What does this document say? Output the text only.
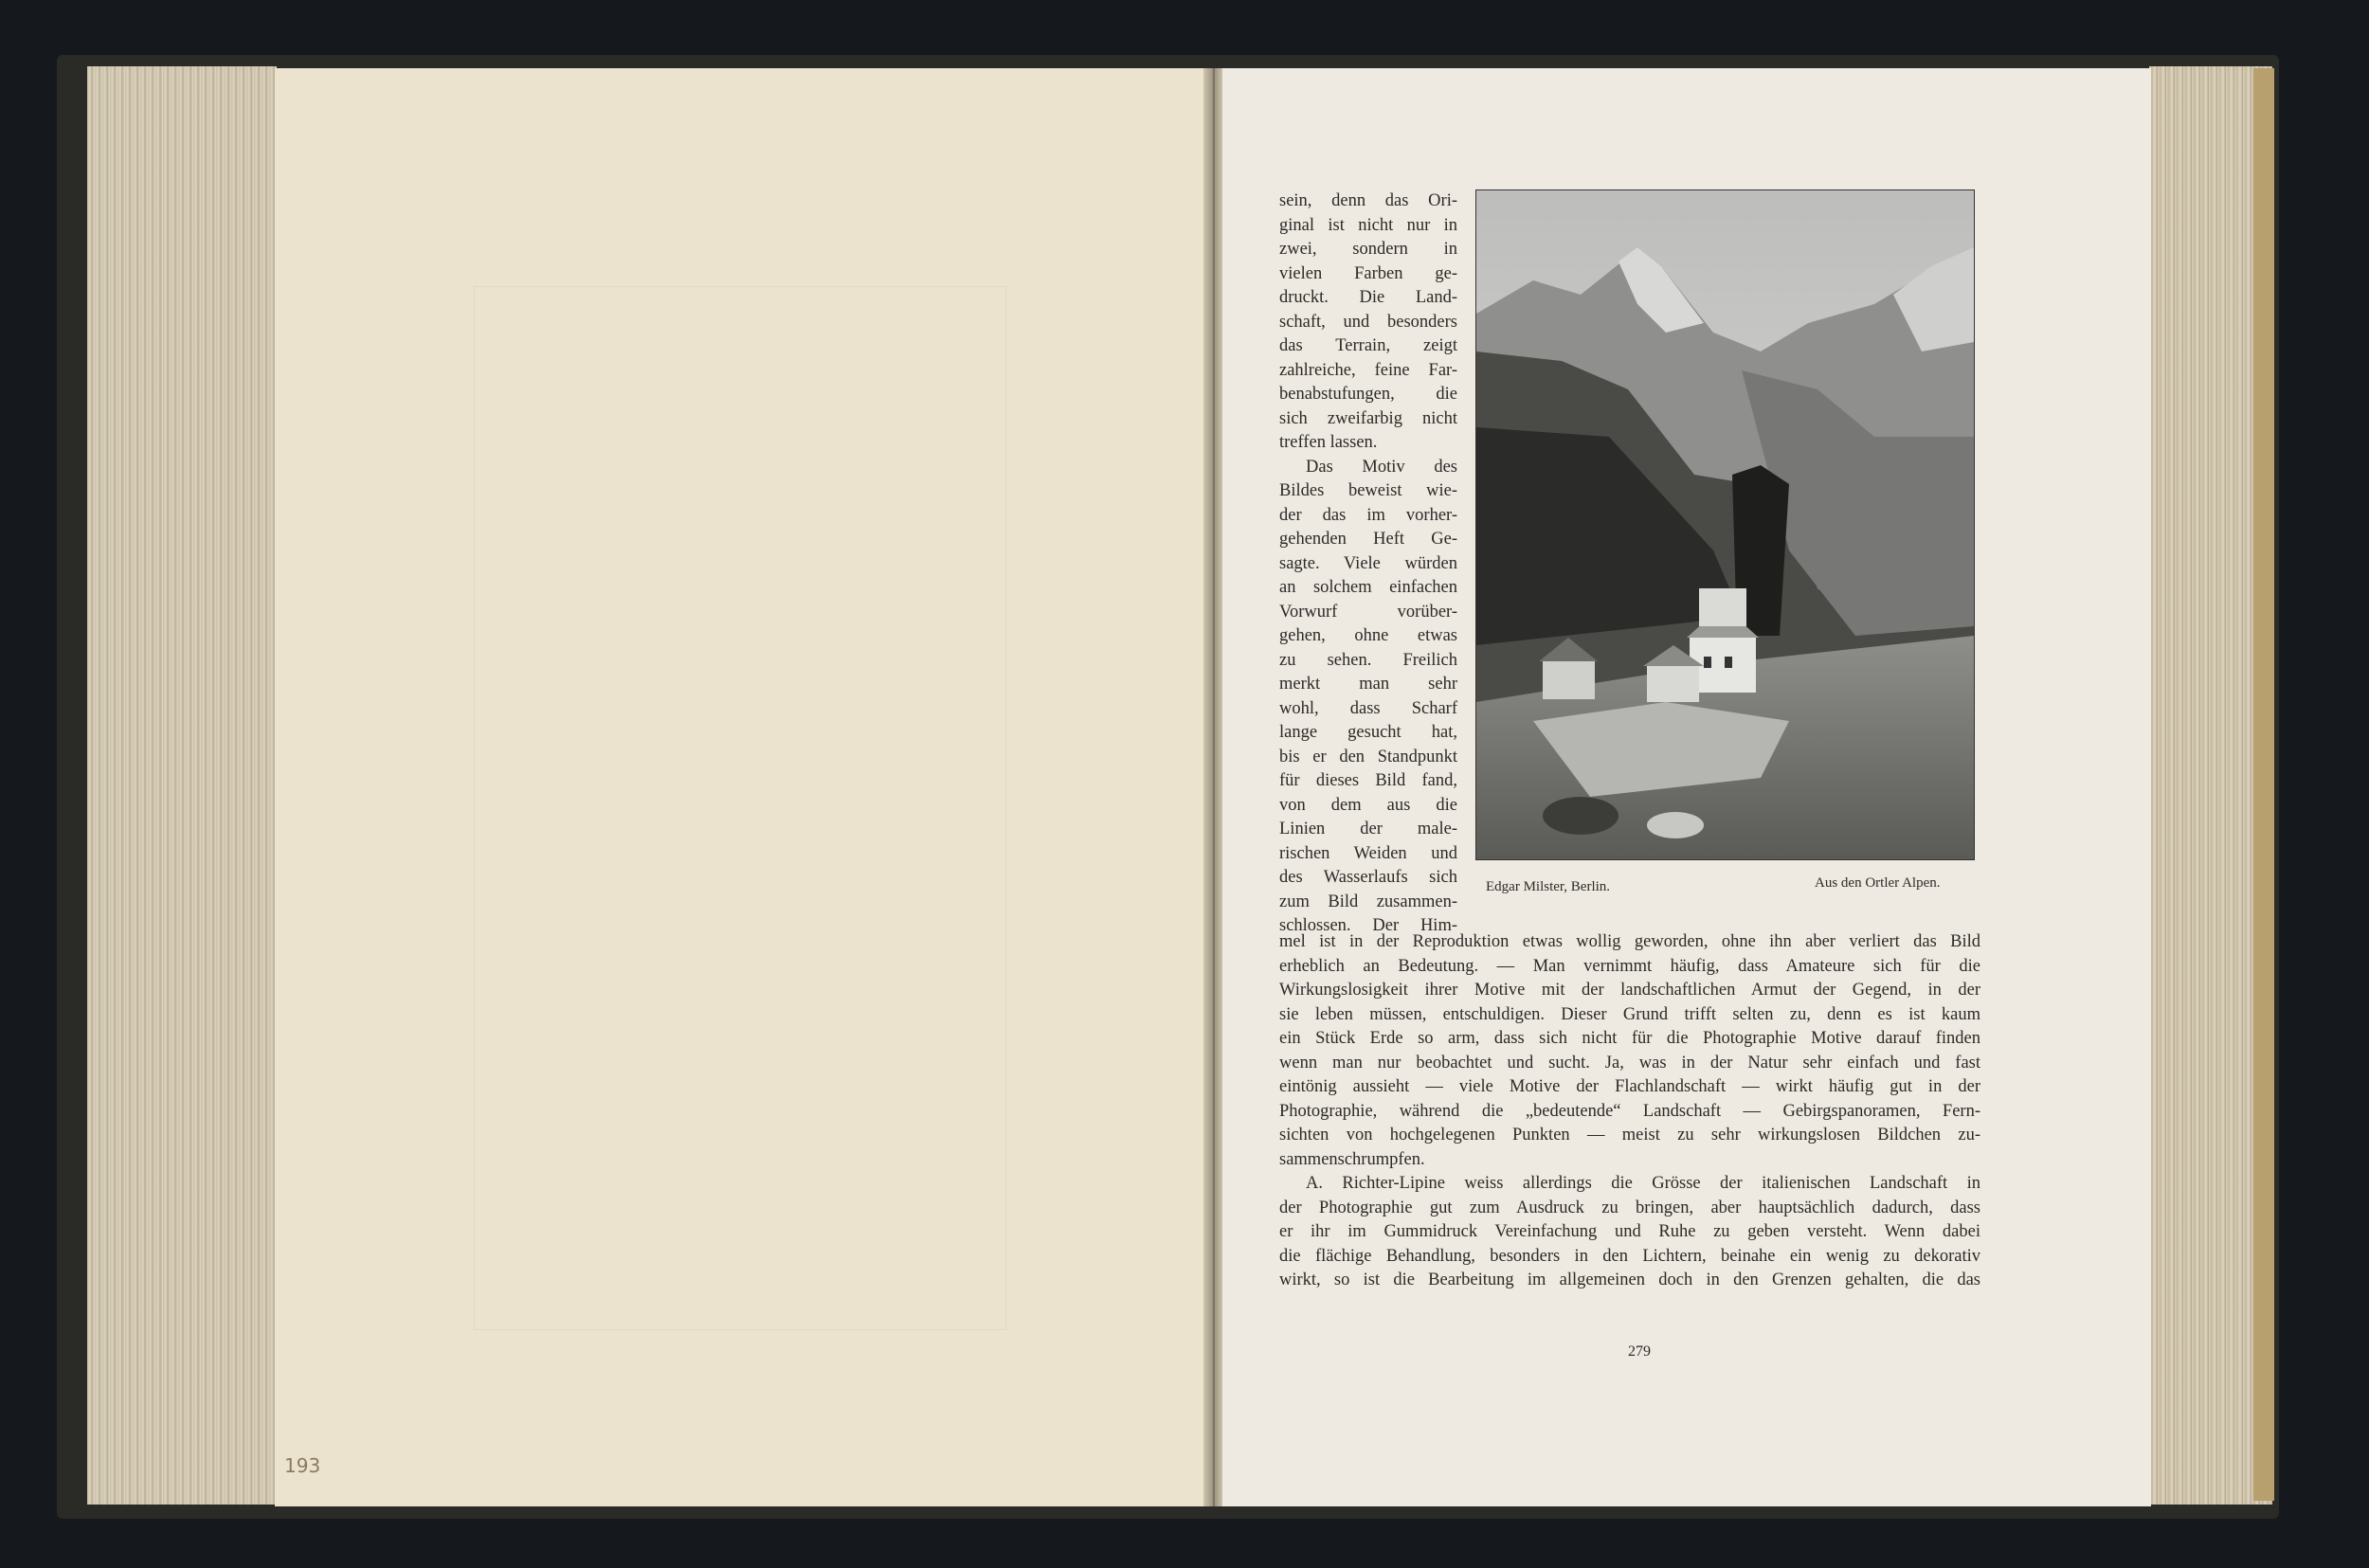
193
sein, denn das Ori-
ginal ist nicht nur in
zwei, sondern in
vielen Farben ge-
druckt. Die Land-
schaft, und besonders
das Terrain, zeigt
zahlreiche, feine Far-
benabstufungen, die
sich zweifarbig nicht
treffen lassen.
Das Motiv des
Bildes beweist wie-
der das im vorher-
gehenden Heft Ge-
sagte. Viele würden
an solchem einfachen
Vorwurf vorüber-
gehen, ohne etwas
zu sehen. Freilich
merkt man sehr
wohl, dass Scharf
lange gesucht hat,
bis er den Standpunkt
für dieses Bild fand,
von dem aus die
Linien der male-
rischen Weiden und
des Wasserlaufs sich
zum Bild zusammen-
schlossen. Der Him-
Edgar Milster, Berlin.	Aus den Ortler Alpen.
mel ist in der Reproduktion etwas wollig geworden, ohne ihn aber verliert das Bild
erheblich an Bedeutung. — Man vernimmt häufig, dass Amateure sich für die
Wirkungslosigkeit ihrer Motive mit der landschaftlichen Armut der Gegend, in der
sie leben müssen, entschuldigen. Dieser Grund trifft selten zu, denn es ist kaum
ein Stück Erde so arm, dass sich nicht für die Photographie Motive darauf finden
wenn man nur beobachtet und sucht. Ja, was in der Natur sehr einfach und fast
eintönig aussieht — viele Motive der Flachlandschaft — wirkt häufig gut in der
Photographie, während die „bedeutende“ Landschaft — Gebirgspanoramen, Fern-
sichten von hochgelegenen Punkten — meist zu sehr wirkungslosen Bildchen zu-
sammenschrumpfen.
A. Richter-Lipine weiss allerdings die Grösse der italienischen Landschaft in
der Photographie gut zum Ausdruck zu bringen, aber hauptsächlich dadurch, dass
er ihr im Gummidruck Vereinfachung und Ruhe zu geben versteht. Wenn dabei
die flächige Behandlung, besonders in den Lichtern, beinahe ein wenig zu dekorativ
wirkt, so ist die Bearbeitung im allgemeinen doch in den Grenzen gehalten, die das
279
